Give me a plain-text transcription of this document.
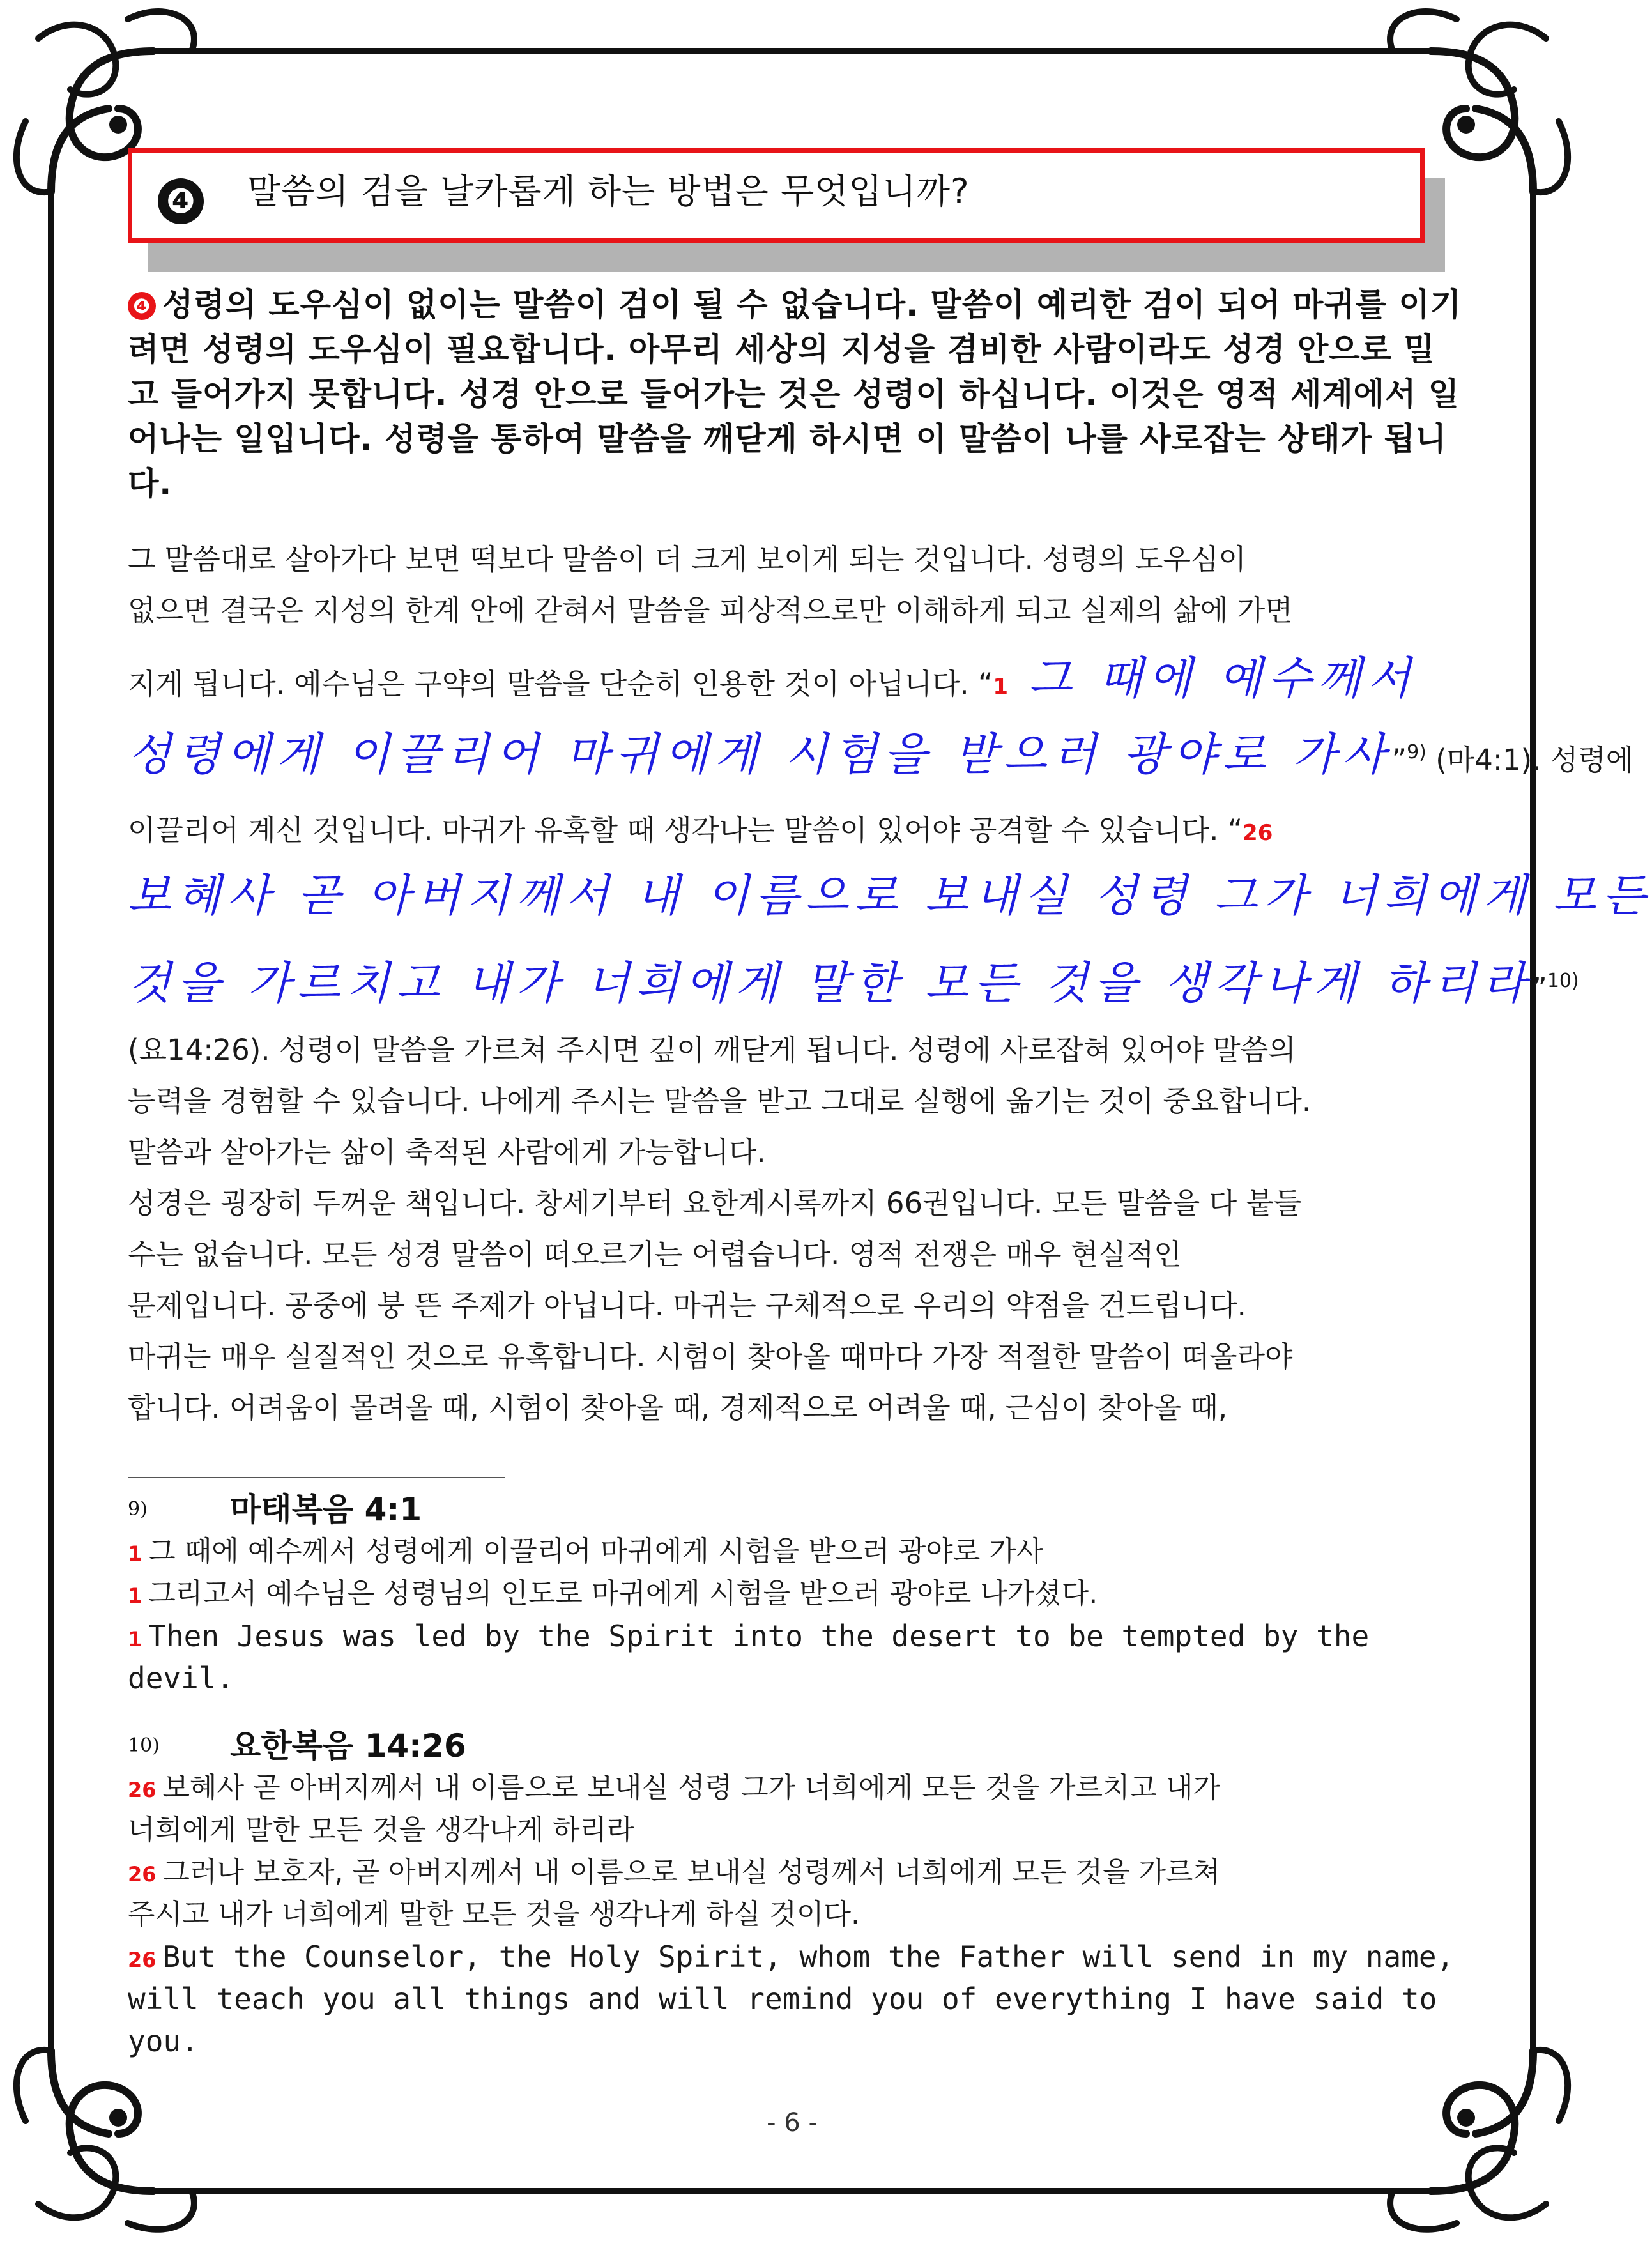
❹ 말씀의 검을 날카롭게 하는 방법은 무엇입니까?
❹ 성령의 도우심이 없이는 말씀이 검이 될 수 없습니다. 말씀이 예리한 검이 되어 마귀를 이기려면 성령의 도우심이 필요합니다. 아무리 세상의 지성을 겸비한 사람이라도 성경 안으로 밀고 들어가지 못합니다. 성경 안으로 들어가는 것은 성령이 하십니다. 이것은 영적 세계에서 일어나는 일입니다. 성령을 통하여 말씀을 깨닫게 하시면 이 말씀이 나를 사로잡는 상태가 됩니다.
그 말씀대로 살아가다 보면 떡보다 말씀이 더 크게 보이게 되는 것입니다. 성령의 도우심이
없으면 결국은 지성의 한계 안에 갇혀서 말씀을 피상적으로만 이해하게 되고 실제의 삶에 가면
지게 됩니다. 예수님은 구약의 말씀을 단순히 인용한 것이 아닙니다. “1 그 때에 예수께서
성령에게 이끌리어 마귀에게 시험을 받으러 광야로 가사”$^{9)}$ (마4:1). 성령에
이끌리어 계신 것입니다. 마귀가 유혹할 때 생각나는 말씀이 있어야 공격할 수 있습니다. “26
보혜사 곧 아버지께서 내 이름으로 보내실 성령 그가 너희에게 모든
것을 가르치고 내가 너희에게 말한 모든 것을 생각나게 하리라”$^{10)}$
(요14:26). 성령이 말씀을 가르쳐 주시면 깊이 깨닫게 됩니다. 성령에 사로잡혀 있어야 말씀의
능력을 경험할 수 있습니다. 나에게 주시는 말씀을 받고 그대로 실행에 옮기는 것이 중요합니다.
말씀과 살아가는 삶이 축적된 사람에게 가능합니다.
성경은 굉장히 두꺼운 책입니다. 창세기부터 요한계시록까지 66권입니다. 모든 말씀을 다 붙들
수는 없습니다. 모든 성경 말씀이 떠오르기는 어렵습니다. 영적 전쟁은 매우 현실적인
문제입니다. 공중에 붕 뜬 주제가 아닙니다. 마귀는 구체적으로 우리의 약점을 건드립니다.
마귀는 매우 실질적인 것으로 유혹합니다. 시험이 찾아올 때마다 가장 적절한 말씀이 떠올라야
합니다. 어려움이 몰려올 때, 시험이 찾아올 때, 경제적으로 어려울 때, 근심이 찾아올 때,
9)	마태복음 4:1
1 그 때에 예수께서 성령에게 이끌리어 마귀에게 시험을 받으러 광야로 가사
1 그리고서 예수님은 성령님의 인도로 마귀에게 시험을 받으러 광야로 나가셨다.
1 Then Jesus was led by the Spirit into the desert to be tempted by the
devil.
10) 요한복음 14:26
26 보혜사 곧 아버지께서 내 이름으로 보내실 성령 그가 너희에게 모든 것을 가르치고 내가
너희에게 말한 모든 것을 생각나게 하리라
26 그러나 보호자, 곧 아버지께서 내 이름으로 보내실 성령께서 너희에게 모든 것을 가르쳐
주시고 내가 너희에게 말한 모든 것을 생각나게 하실 것이다.
26 But the Counselor, the Holy Spirit, whom the Father will send in my name,
will teach you all things and will remind you of everything I have said to
you.
- 6 -
